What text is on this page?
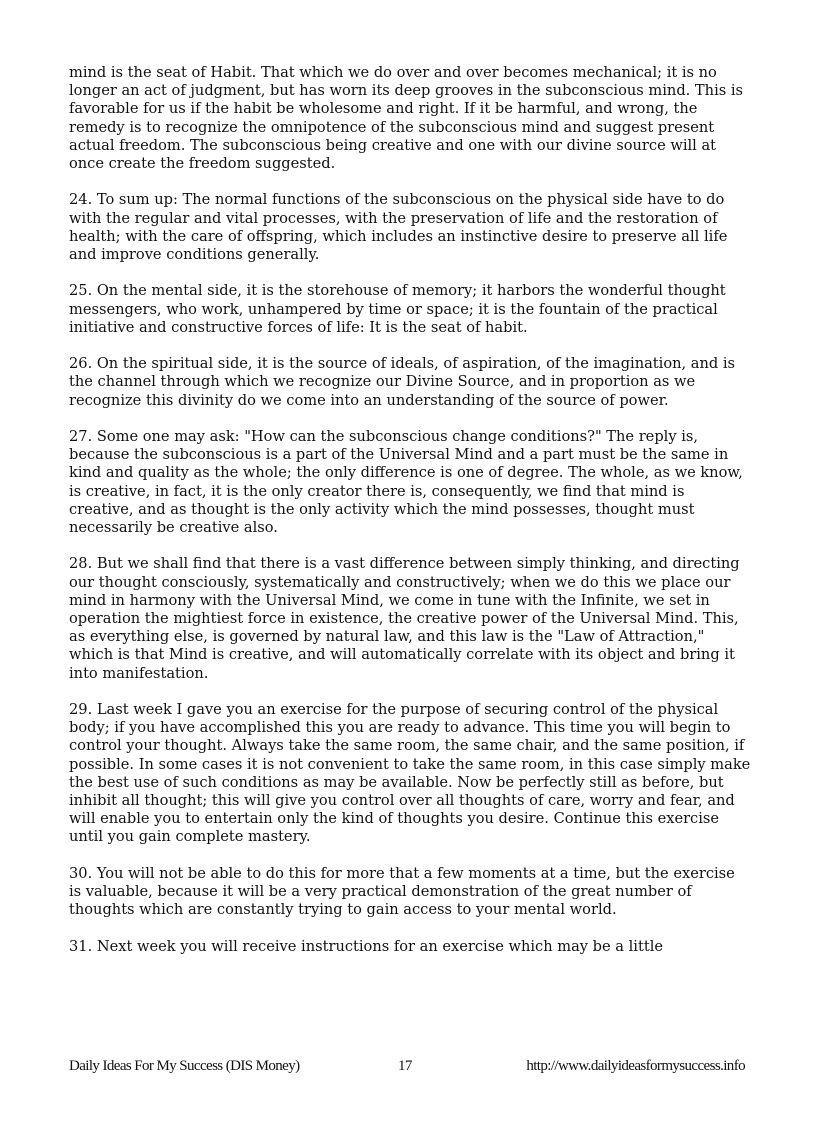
mind is the seat of Habit. That which we do over and over becomes mechanical; it is no longer an act of judgment, but has worn its deep grooves in the subconscious mind. This is favorable for us if the habit be wholesome and right. If it be harmful, and wrong, the remedy is to recognize the omnipotence of the subconscious mind and suggest present actual freedom. The subconscious being creative and one with our divine source will at once create the freedom suggested.

24. To sum up: The normal functions of the subconscious on the physical side have to do with the regular and vital processes, with the preservation of life and the restoration of health; with the care of offspring, which includes an instinctive desire to preserve all life and improve conditions generally.

25. On the mental side, it is the storehouse of memory; it harbors the wonderful thought messengers, who work, unhampered by time or space; it is the fountain of the practical initiative and constructive forces of life: It is the seat of habit.

26. On the spiritual side, it is the source of ideals, of aspiration, of the imagination, and is the channel through which we recognize our Divine Source, and in proportion as we recognize this divinity do we come into an understanding of the source of power.

27. Some one may ask: "How can the subconscious change conditions?" The reply is, because the subconscious is a part of the Universal Mind and a part must be the same in kind and quality as the whole; the only difference is one of degree. The whole, as we know, is creative, in fact, it is the only creator there is, consequently, we find that mind is creative, and as thought is the only activity which the mind possesses, thought must necessarily be creative also.

28. But we shall find that there is a vast difference between simply thinking, and directing our thought consciously, systematically and constructively; when we do this we place our mind in harmony with the Universal Mind, we come in tune with the Infinite, we set in operation the mightiest force in existence, the creative power of the Universal Mind. This, as everything else, is governed by natural law, and this law is the "Law of Attraction," which is that Mind is creative, and will automatically correlate with its object and bring it into manifestation.

29. Last week I gave you an exercise for the purpose of securing control of the physical body; if you have accomplished this you are ready to advance. This time you will begin to control your thought. Always take the same room, the same chair, and the same position, if possible. In some cases it is not convenient to take the same room, in this case simply make the best use of such conditions as may be available. Now be perfectly still as before, but inhibit all thought; this will give you control over all thoughts of care, worry and fear, and will enable you to entertain only the kind of thoughts you desire. Continue this exercise until you gain complete mastery.

30. You will not be able to do this for more that a few moments at a time, but the exercise is valuable, because it will be a very practical demonstration of the great number of thoughts which are constantly trying to gain access to your mental world.

31. Next week you will receive instructions for an exercise which may be a little

Daily Ideas For My Success (DIS Money)	17	http://www.dailyideasformysuccess.info
